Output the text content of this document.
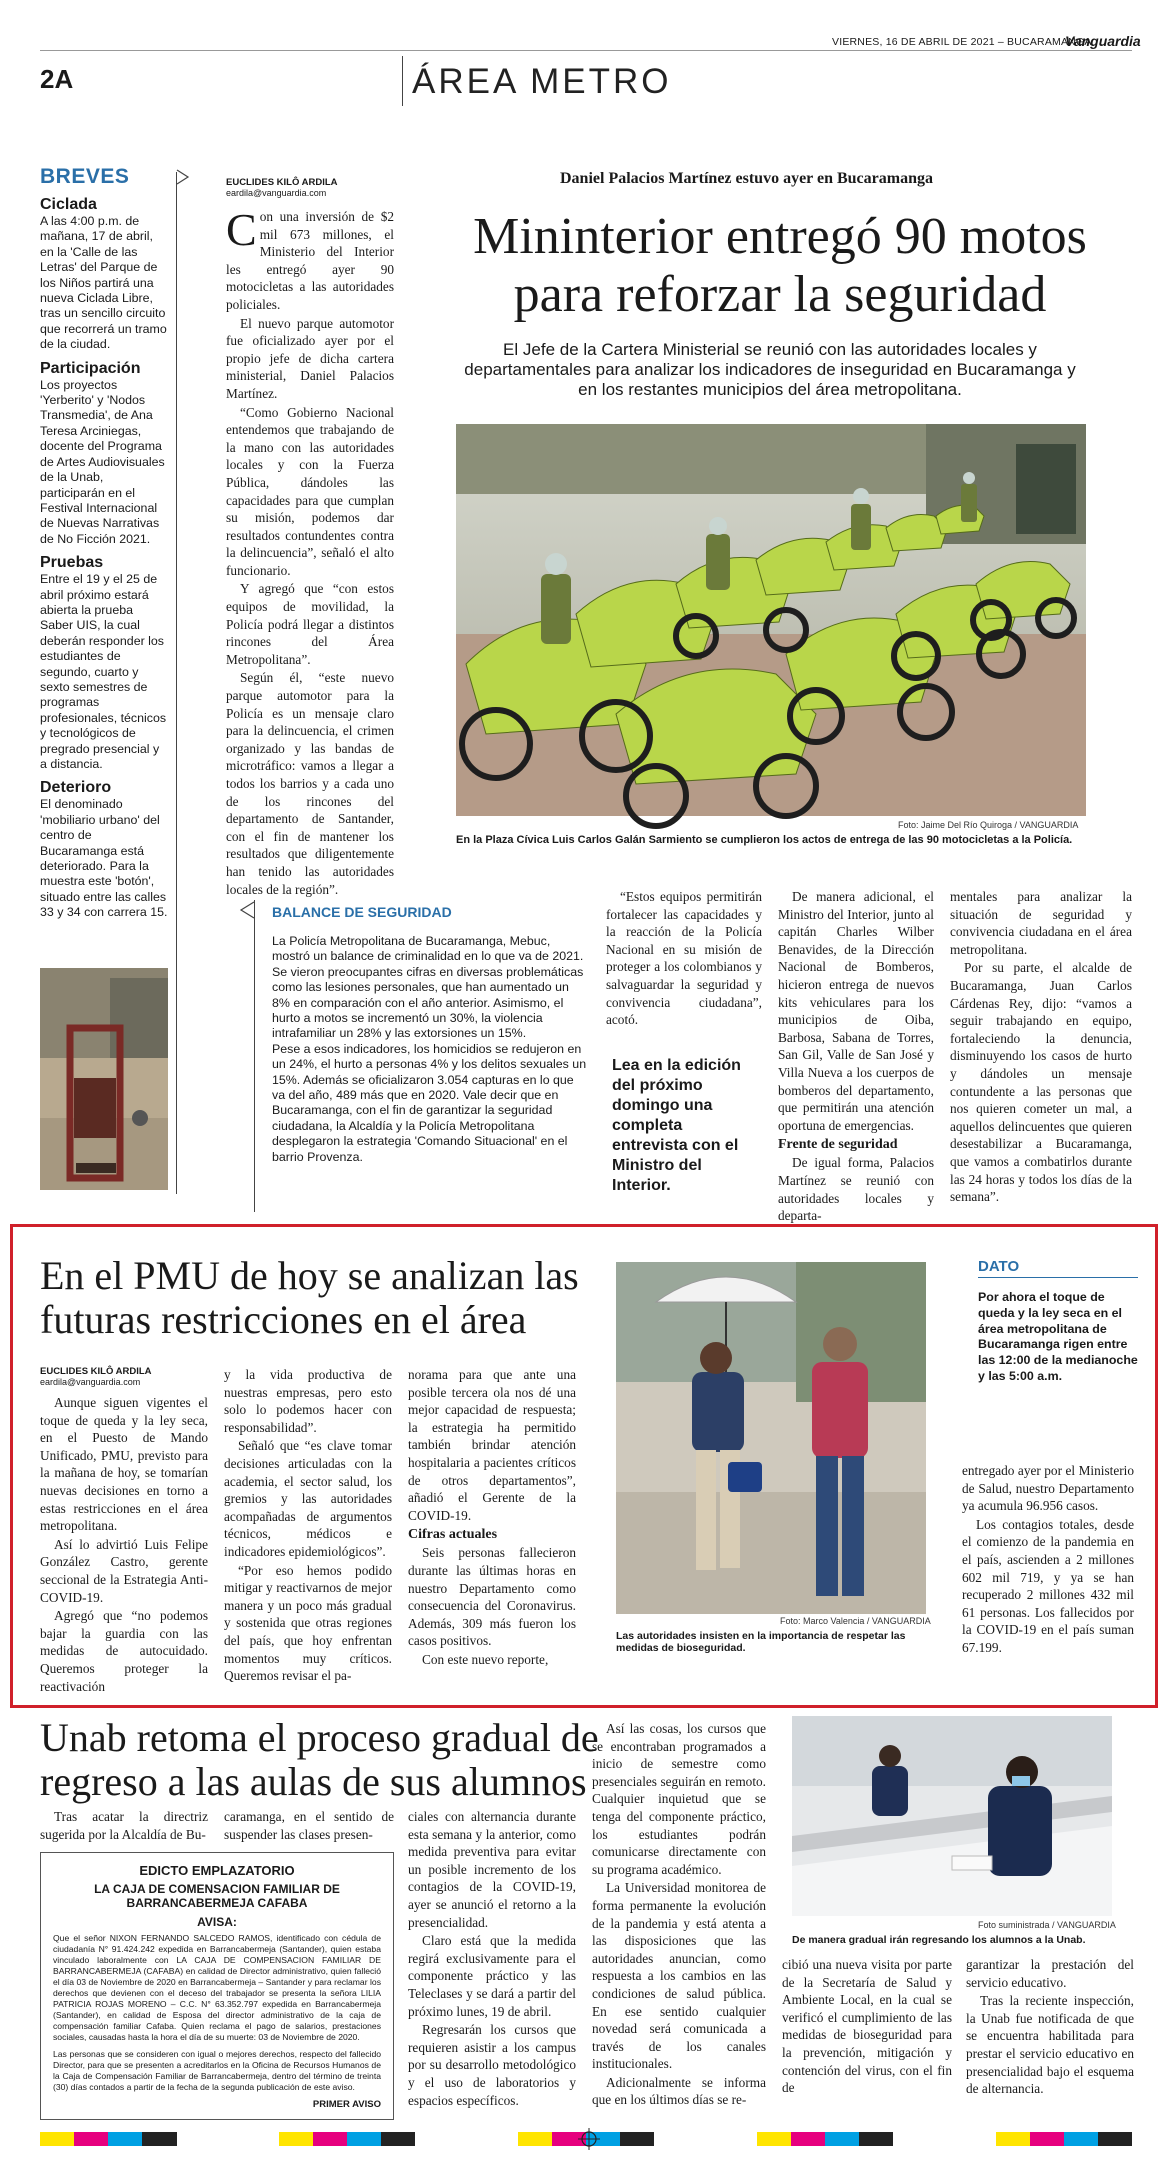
VIERNES, 16 DE ABRIL DE 2021 – BUCARAMANGA
Vanguardia
2A	ÁREA METRO
BREVES
Ciclada
A las 4:00 p.m. de mañana, 17 de abril, en la 'Calle de las Letras' del Parque de los Niños partirá una nueva Ciclada Libre, tras un sencillo circuito que recorrerá un tramo de la ciudad.
Participación
Los proyectos 'Yerberito' y 'Nodos Transmedia', de Ana Teresa Arciniegas, docente del Programa de Artes Audiovisuales de la Unab, participarán en el Festival Internacional de Nuevas Narrativas de No Ficción 2021.
Pruebas
Entre el 19 y el 25 de abril próximo estará abierta la prueba Saber UIS, la cual deberán responder los estudiantes de segundo, cuarto y sexto semestres de programas profesionales, técnicos y tecnológicos de pregrado presencial y a distancia.
Deterioro
El denominado 'mobiliario urbano' del centro de Bucaramanga está deteriorado. Para la muestra este 'botón', situado entre las calles 33 y 34 con carrera 15.
EUCLIDES KILÔ ARDILA
eardila@vanguardia.com

Con una inversión de $2 mil 673 millones, el Ministerio del Interior les entregó ayer 90 motocicletas a las autoridades policiales.

El nuevo parque automotor fue oficializado ayer por el propio jefe de dicha cartera ministerial, Daniel Palacios Martínez.

“Como Gobierno Nacional entendemos que trabajando de la mano con las autoridades locales y con la Fuerza Pública, dándoles las capacidades para que cumplan su misión, podemos dar resultados contundentes contra la delincuencia”, señaló el alto funcionario.

Y agregó que “con estos equipos de movilidad, la Policía podrá llegar a distintos rincones del Área Metropolitana”.

Según él, “este nuevo parque automotor para la Policía es un mensaje claro para la delincuencia, el crimen organizado y las bandas de microtráfico: vamos a llegar a todos los barrios y a cada uno de los rincones del departamento de Santander, con el fin de mantener los resultados que diligentemente han tenido las autoridades locales de la región”.

Daniel Palacios Martínez estuvo ayer en Bucaramanga
Mininterior entregó 90 motos
para reforzar la seguridad
El Jefe de la Cartera Ministerial se reunió con las autoridades locales y departamentales para analizar los indicadores de inseguridad en Bucaramanga y en los restantes municipios del área metropolitana.
Foto: Jaime Del Río Quiroga / VANGUARDIA
En la Plaza Cívica Luis Carlos Galán Sarmiento se cumplieron los actos de entrega de las 90 motocicletas a la Policía.
BALANCE DE SEGURIDAD

La Policía Metropolitana de Bucaramanga, Mebuc, mostró un balance de criminalidad en lo que va de 2021. Se vieron preocupantes cifras en diversas problemáticas como las lesiones personales, que han aumentado un 8% en comparación con el año anterior. Asimismo, el hurto a motos se incrementó un 30%, la violencia intrafamiliar un 28% y las extorsiones un 15%.

Pese a esos indicadores, los homicidios se redujeron en un 24%, el hurto a personas 4% y los delitos sexuales un 15%. Además se oficializaron 3.054 capturas en lo que va del año, 489 más que en 2020. Vale decir que en Bucaramanga, con el fin de garantizar la seguridad ciudadana, la Alcaldía y la Policía Metropolitana desplegaron la estrategia 'Comando Situacional' en el barrio Provenza.

“Estos equipos permitirán fortalecer las capacidades y la reacción de la Policía Nacional en su misión de proteger a los colombianos y salvaguardar la seguridad y convivencia ciudadana”, acotó.

Lea en la edición del próximo domingo una completa entrevista con el Ministro del Interior.

De manera adicional, el Ministro del Interior, junto al capitán Charles Wilber Benavides, de la Dirección Nacional de Bomberos, hicieron entrega de nuevos kits vehiculares para los municipios de Oiba, Barbosa, Sabana de Torres, San Gil, Valle de San José y Villa Nueva a los cuerpos de bomberos del departamento, que permitirán una atención oportuna de emergencias.

Frente de seguridad

De igual forma, Palacios Martínez se reunió con autoridades locales y departa-

mentales para analizar la situación de seguridad y convivencia ciudadana en el área metropolitana.

Por su parte, el alcalde de Bucaramanga, Juan Carlos Cárdenas Rey, dijo: “vamos a seguir trabajando en equipo, fortaleciendo la denuncia, disminuyendo los casos de hurto y dándoles un mensaje contundente a las personas que nos quieren cometer un mal, a aquellos delincuentes que quieren desestabilizar a Bucaramanga, que vamos a combatirlos durante las 24 horas y todos los días de la semana”.

En el PMU de hoy se analizan las
futuras restricciones en el área
EUCLIDES KILÔ ARDILA
eardila@vanguardia.com

Aunque siguen vigentes el toque de queda y la ley seca, en el Puesto de Mando Unificado, PMU, previsto para la mañana de hoy, se tomarían nuevas decisiones en torno a estas restricciones en el área metropolitana.

Así lo advirtió Luis Felipe González Castro, gerente seccional de la Estrategia Anti-COVID-19.

Agregó que “no podemos bajar la guardia con las medidas de autocuidado. Queremos proteger la reactivación

y la vida productiva de nuestras empresas, pero esto solo lo podemos hacer con responsabilidad”.

Señaló que “es clave tomar decisiones articuladas con la academia, el sector salud, los gremios y las autoridades acompañadas de argumentos técnicos, médicos e indicadores epidemiológicos”.

“Por eso hemos podido mitigar y reactivarnos de mejor manera y un poco más gradual y sostenida que otras regiones del país, que hoy enfrentan momentos muy críticos. Queremos revisar el pa-

norama para que ante una posible tercera ola nos dé una mejor capacidad de respuesta; la estrategia ha permitido también brindar atención hospitalaria a pacientes críticos de otros departamentos”, añadió el Gerente de la COVID-19.

Cifras actuales

Seis personas fallecieron durante las últimas horas en nuestro Departamento como consecuencia del Coronavirus. Además, 309 más fueron los casos positivos.

Con este nuevo reporte,

Foto: Marco Valencia / VANGUARDIA
Las autoridades insisten en la importancia de respetar las medidas de bioseguridad.
DATO
Por ahora el toque de queda y la ley seca en el área metropolitana de Bucaramanga rigen entre las 12:00 de la medianoche y las 5:00 a.m.

entregado ayer por el Ministerio de Salud, nuestro Departamento ya acumula 96.956 casos.

Los contagios totales, desde el comienzo de la pandemia en el país, ascienden a 2 millones 602 mil 719, y ya se han recuperado 2 millones 432 mil 61 personas. Los fallecidos por la COVID-19 en el país suman 67.199.

Unab retoma el proceso gradual de
regreso a las aulas de sus alumnos

Tras acatar la directriz sugerida por la Alcaldía de Bu-

caramanga, en el sentido de suspender las clases presen-

EDICTO EMPLAZATORIO
LA CAJA DE COMENSACION FAMILIAR DE BARRANCABERMEJA CAFABA
AVISA:

Que el señor NIXON FERNANDO SALCEDO RAMOS, identificado con cédula de ciudadanía N° 91.424.242 expedida en Barrancabermeja (Santander), quien estaba vinculado laboralmente con LA CAJA DE COMPENSACION FAMILIAR DE BARRANCABERMEJA (CAFABA) en calidad de Director administrativo, quien falleció el día 03 de Noviembre de 2020 en Barrancabermeja – Santander y para reclamar los derechos que devienen con el deceso del trabajador se presenta la señora LILIA PATRICIA ROJAS MORENO – C.C. N° 63.352.797 expedida en Barrancabermeja (Santander), en calidad de Esposa del director administrativo de la caja de compensación familiar Cafaba. Quien reclama el pago de salarios, prestaciones sociales, causadas hasta la hora el día de su muerte: 03 de Noviembre de 2020.

Las personas que se consideren con igual o mejores derechos, respecto del fallecido Director, para que se presenten a acreditarlos en la Oficina de Recursos Humanos de la Caja de Compensación Familiar de Barrancabermeja, dentro del término de treinta (30) días contados a partir de la fecha de la segunda publicación de este aviso.

PRIMER AVISO

ciales con alternancia durante esta semana y la anterior, como medida preventiva para evitar un posible incremento de los contagios de la COVID-19, ayer se anunció el retorno a la presencialidad.

Claro está que la medida regirá exclusivamente para el componente práctico y las Teleclases y se dará a partir del próximo lunes, 19 de abril.

Regresarán los cursos que requieren asistir a los campus por su desarrollo metodológico y el uso de laboratorios y espacios específicos.

Así las cosas, los cursos que se encontraban programados a inicio de semestre como presenciales seguirán en remoto. Cualquier inquietud que se tenga del componente práctico, los estudiantes podrán comunicarse directamente con su programa académico.

La Universidad monitorea de forma permanente la evolución de la pandemia y está atenta a las disposiciones que las autoridades anuncian, como respuesta a los cambios en las condiciones de salud pública. En ese sentido cualquier novedad será comunicada a través de los canales institucionales.

Adicionalmente se informa que en los últimos días se re-

Foto suministrada / VANGUARDIA
De manera gradual irán regresando los alumnos a la Unab.

cibió una nueva visita por parte de la Secretaría de Salud y Ambiente Local, en la cual se verificó el cumplimiento de las medidas de bioseguridad para la prevención, mitigación y contención del virus, con el fin de

garantizar la prestación del servicio educativo.

Tras la reciente inspección, la Unab fue notificada de que se encuentra habilitada para prestar el servicio educativo en presencialidad bajo el esquema de alternancia.
